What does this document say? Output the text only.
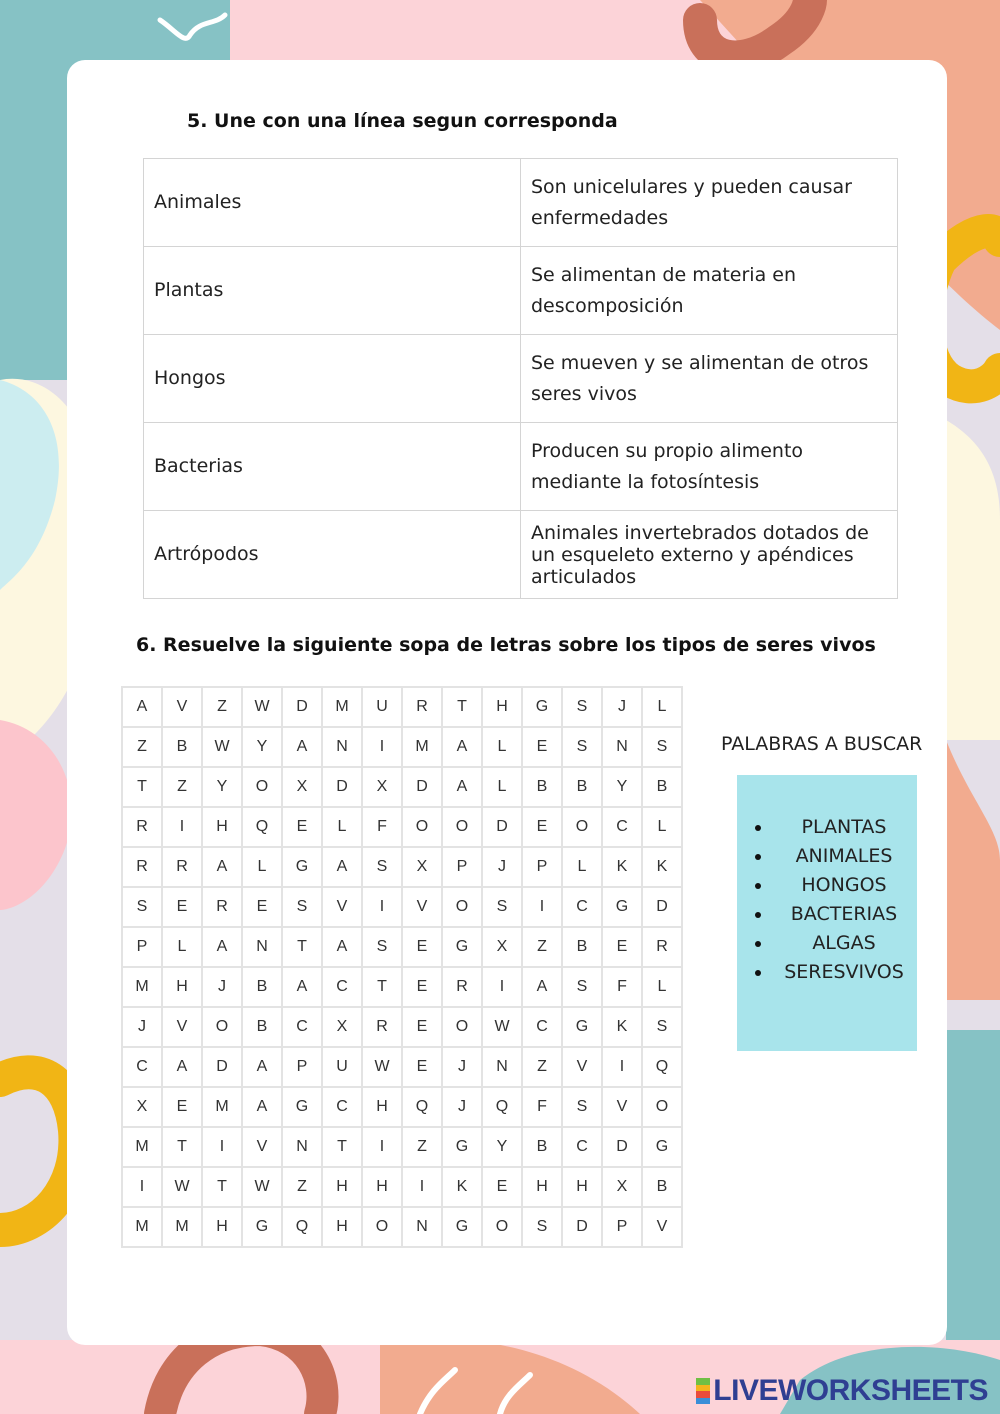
5. Une con una línea segun corresponda
Animales	Son unicelulares y pueden causar enfermedades
Plantas	Se alimentan de materia en descomposición
Hongos	Se mueven y se alimentan de otros seres vivos
Bacterias	Producen su propio alimento mediante la fotosíntesis
Artrópodos	Animales invertebrados dotados de un esqueleto externo y apéndices articulados
6. Resuelve la siguiente sopa de letras sobre los tipos de seres vivos
A	V	Z	W	D	M	U	R	T	H	G	S	J	L
Z	B	W	Y	A	N	I	M	A	L	E	S	N	S
T	Z	Y	O	X	D	X	D	A	L	B	B	Y	B
R	I	H	Q	E	L	F	O	O	D	E	O	C	L
R	R	A	L	G	A	S	X	P	J	P	L	K	K
S	E	R	E	S	V	I	V	O	S	I	C	G	D
P	L	A	N	T	A	S	E	G	X	Z	B	E	R
M	H	J	B	A	C	T	E	R	I	A	S	F	L
J	V	O	B	C	X	R	E	O	W	C	G	K	S
C	A	D	A	P	U	W	E	J	N	Z	V	I	Q
X	E	M	A	G	C	H	Q	J	Q	F	S	V	O
M	T	I	V	N	T	I	Z	G	Y	B	C	D	G
I	W	T	W	Z	H	H	I	K	E	H	H	X	B
M	M	H	G	Q	H	O	N	G	O	S	D	P	V
PALABRAS A BUSCAR
PLANTAS
ANIMALES
HONGOS
BACTERIAS
ALGAS
SERESVIVOS
LIVEWORKSHEETS
